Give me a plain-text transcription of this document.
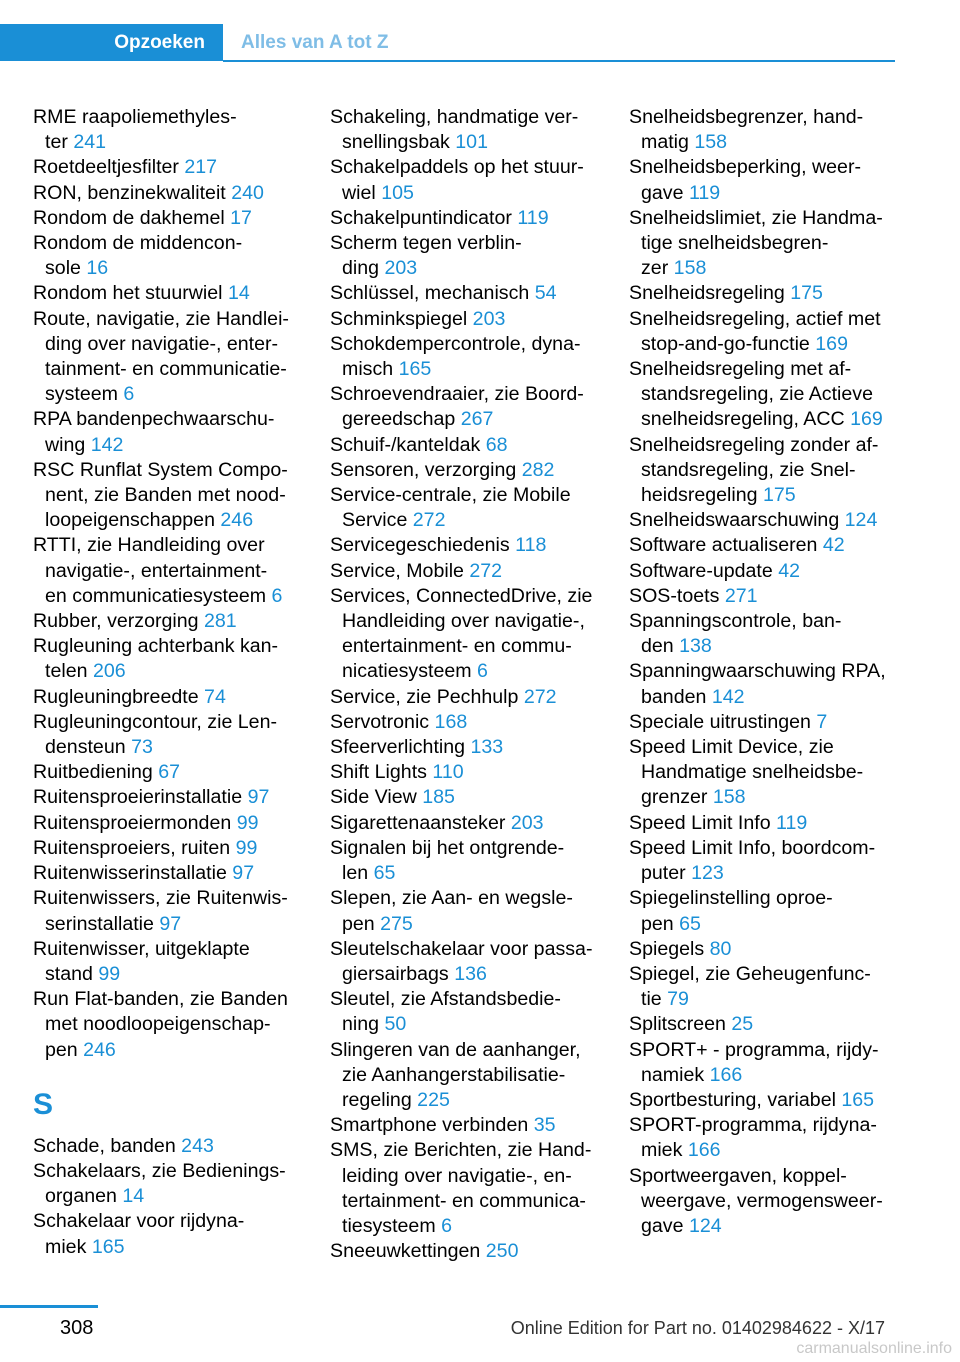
Opzoeken Alles van A tot Z
RME raapoliemethyles-
ter 241
Roetdeeltjesfilter 217
RON, benzinekwaliteit 240
Rondom de dakhemel 17
Rondom de middencon-
sole 16
Rondom het stuurwiel 14
Route, navigatie, zie Handlei-
ding over navigatie-, enter-
tainment- en communicatie-
systeem 6
RPA bandenpechwaarschu-
wing 142
RSC Runflat System Compo-
nent, zie Banden met nood-
loopeigenschappen 246
RTTI, zie Handleiding over
navigatie-, entertainment-
en communicatiesysteem 6
Rubber, verzorging 281
Rugleuning achterbank kan-
telen 206
Rugleuningbreedte 74
Rugleuningcontour, zie Len-
densteun 73
Ruitbediening 67
Ruitensproeierinstallatie 97
Ruitensproeiermonden 99
Ruitensproeiers, ruiten 99
Ruitenwisserinstallatie 97
Ruitenwissers, zie Ruitenwis-
serinstallatie 97
Ruitenwisser, uitgeklapte
stand 99
Run Flat-banden, zie Banden
met noodloopeigenschap-
pen 246
S
Schade, banden 243
Schakelaars, zie Bedienings-
organen 14
Schakelaar voor rijdyna-
miek 165
Schakeling, handmatige ver-
snellingsbak 101
Schakelpaddels op het stuur-
wiel 105
Schakelpuntindicator 119
Scherm tegen verblin-
ding 203
Schlüssel, mechanisch 54
Schminkspiegel 203
Schokdempercontrole, dyna-
misch 165
Schroevendraaier, zie Boord-
gereedschap 267
Schuif-/kanteldak 68
Sensoren, verzorging 282
Service-centrale, zie Mobile
Service 272
Servicegeschiedenis 118
Service, Mobile 272
Services, ConnectedDrive, zie
Handleiding over navigatie-,
entertainment- en commu-
nicatiesysteem 6
Service, zie Pechhulp 272
Servotronic 168
Sfeerverlichting 133
Shift Lights 110
Side View 185
Sigarettenaansteker 203
Signalen bij het ontgrende-
len 65
Slepen, zie Aan- en wegsle-
pen 275
Sleutelschakelaar voor passa-
giersairbags 136
Sleutel, zie Afstandsbedie-
ning 50
Slingeren van de aanhanger,
zie Aanhangerstabilisatie-
regeling 225
Smartphone verbinden 35
SMS, zie Berichten, zie Hand-
leiding over navigatie-, en-
tertainment- en communica-
tiesysteem 6
Sneeuwkettingen 250
Snelheidsbegrenzer, hand-
matig 158
Snelheidsbeperking, weer-
gave 119
Snelheidslimiet, zie Handma-
tige snelheidsbegren-
zer 158
Snelheidsregeling 175
Snelheidsregeling, actief met
stop-and-go-functie 169
Snelheidsregeling met af-
standsregeling, zie Actieve
snelheidsregeling, ACC 169
Snelheidsregeling zonder af-
standsregeling, zie Snel-
heidsregeling 175
Snelheidswaarschuwing 124
Software actualiseren 42
Software-update 42
SOS-toets 271
Spanningscontrole, ban-
den 138
Spanningwaarschuwing RPA,
banden 142
Speciale uitrustingen 7
Speed Limit Device, zie
Handmatige snelheidsbe-
grenzer 158
Speed Limit Info 119
Speed Limit Info, boordcom-
puter 123
Spiegelinstelling oproe-
pen 65
Spiegels 80
Spiegel, zie Geheugenfunc-
tie 79
Splitscreen 25
SPORT+ - programma, rijdy-
namiek 166
Sportbesturing, variabel 165
SPORT-programma, rijdyna-
miek 166
Sportweergaven, koppel-
weergave, vermogensweer-
gave 124
308	Online Edition for Part no. 01402984622 - X/17
carmanualsonline.info
